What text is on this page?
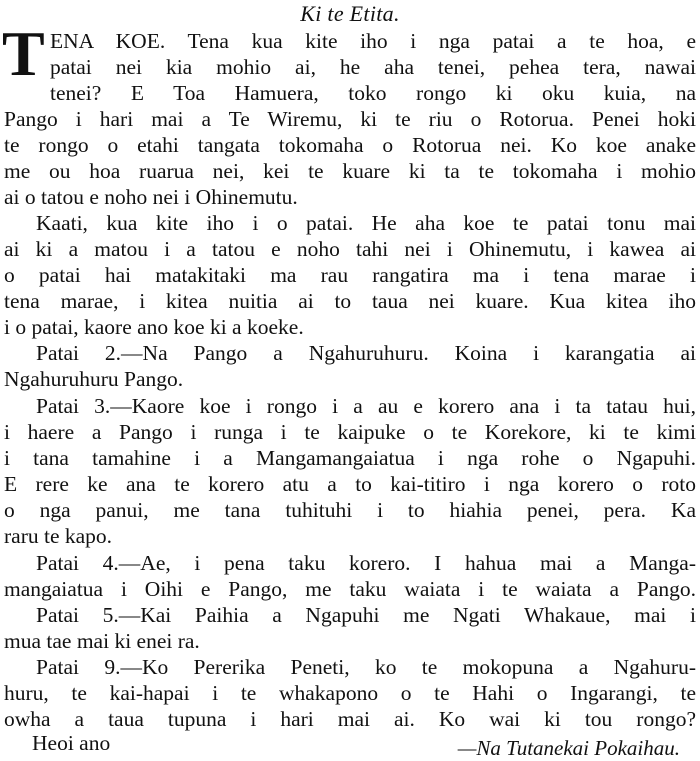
Ki te Etita.
T ENA KOE. Tena kua kite iho i nga patai a te hoa, e
patai nei kia mohio ai, he aha tenei, pehea tera, nawai
tenei? E Toa Hamuera, toko rongo ki oku kuia, na
Pango i hari mai a Te Wiremu, ki te riu o Rotorua. Penei hoki
te rongo o etahi tangata tokomaha o Rotorua nei. Ko koe anake
me ou hoa ruarua nei, kei te kuare ki ta te tokomaha i mohio
ai o tatou e noho nei i Ohinemutu.
Kaati, kua kite iho i o patai. He aha koe te patai tonu mai
ai ki a matou i a tatou e noho tahi nei i Ohinemutu, i kawea ai
o patai hai matakitaki ma rau rangatira ma i tena marae i
tena marae, i kitea nuitia ai to taua nei kuare. Kua kitea iho
i o patai, kaore ano koe ki a koeke.
Patai 2.—Na Pango a Ngahuruhuru. Koina i karangatia ai
Ngahuruhuru Pango.
Patai 3.—Kaore koe i rongo i a au e korero ana i ta tatau hui,
i haere a Pango i runga i te kaipuke o te Korekore, ki te kimi
i tana tamahine i a Mangamangaiatua i nga rohe o Ngapuhi.
E rere ke ana te korero atu a to kai-titiro i nga korero o roto
o nga panui, me tana tuhituhi i to hiahia penei, pera. Ka
raru te kapo.
Patai 4.—Ae, i pena taku korero. I hahua mai a Manga-
mangaiatua i Oihi e Pango, me taku waiata i te waiata a Pango.
Patai 5.—Kai Paihia a Ngapuhi me Ngati Whakaue, mai i
mua tae mai ki enei ra.
Patai 9.—Ko Pererika Peneti, ko te mokopuna a Ngahuru-
huru, te kai-hapai i te whakapono o te Hahi o Ingarangi, te
owha a taua tupuna i hari mai ai. Ko wai ki tou rongo?
Heoi ano	—Na Tutanekai Pokaihau.
